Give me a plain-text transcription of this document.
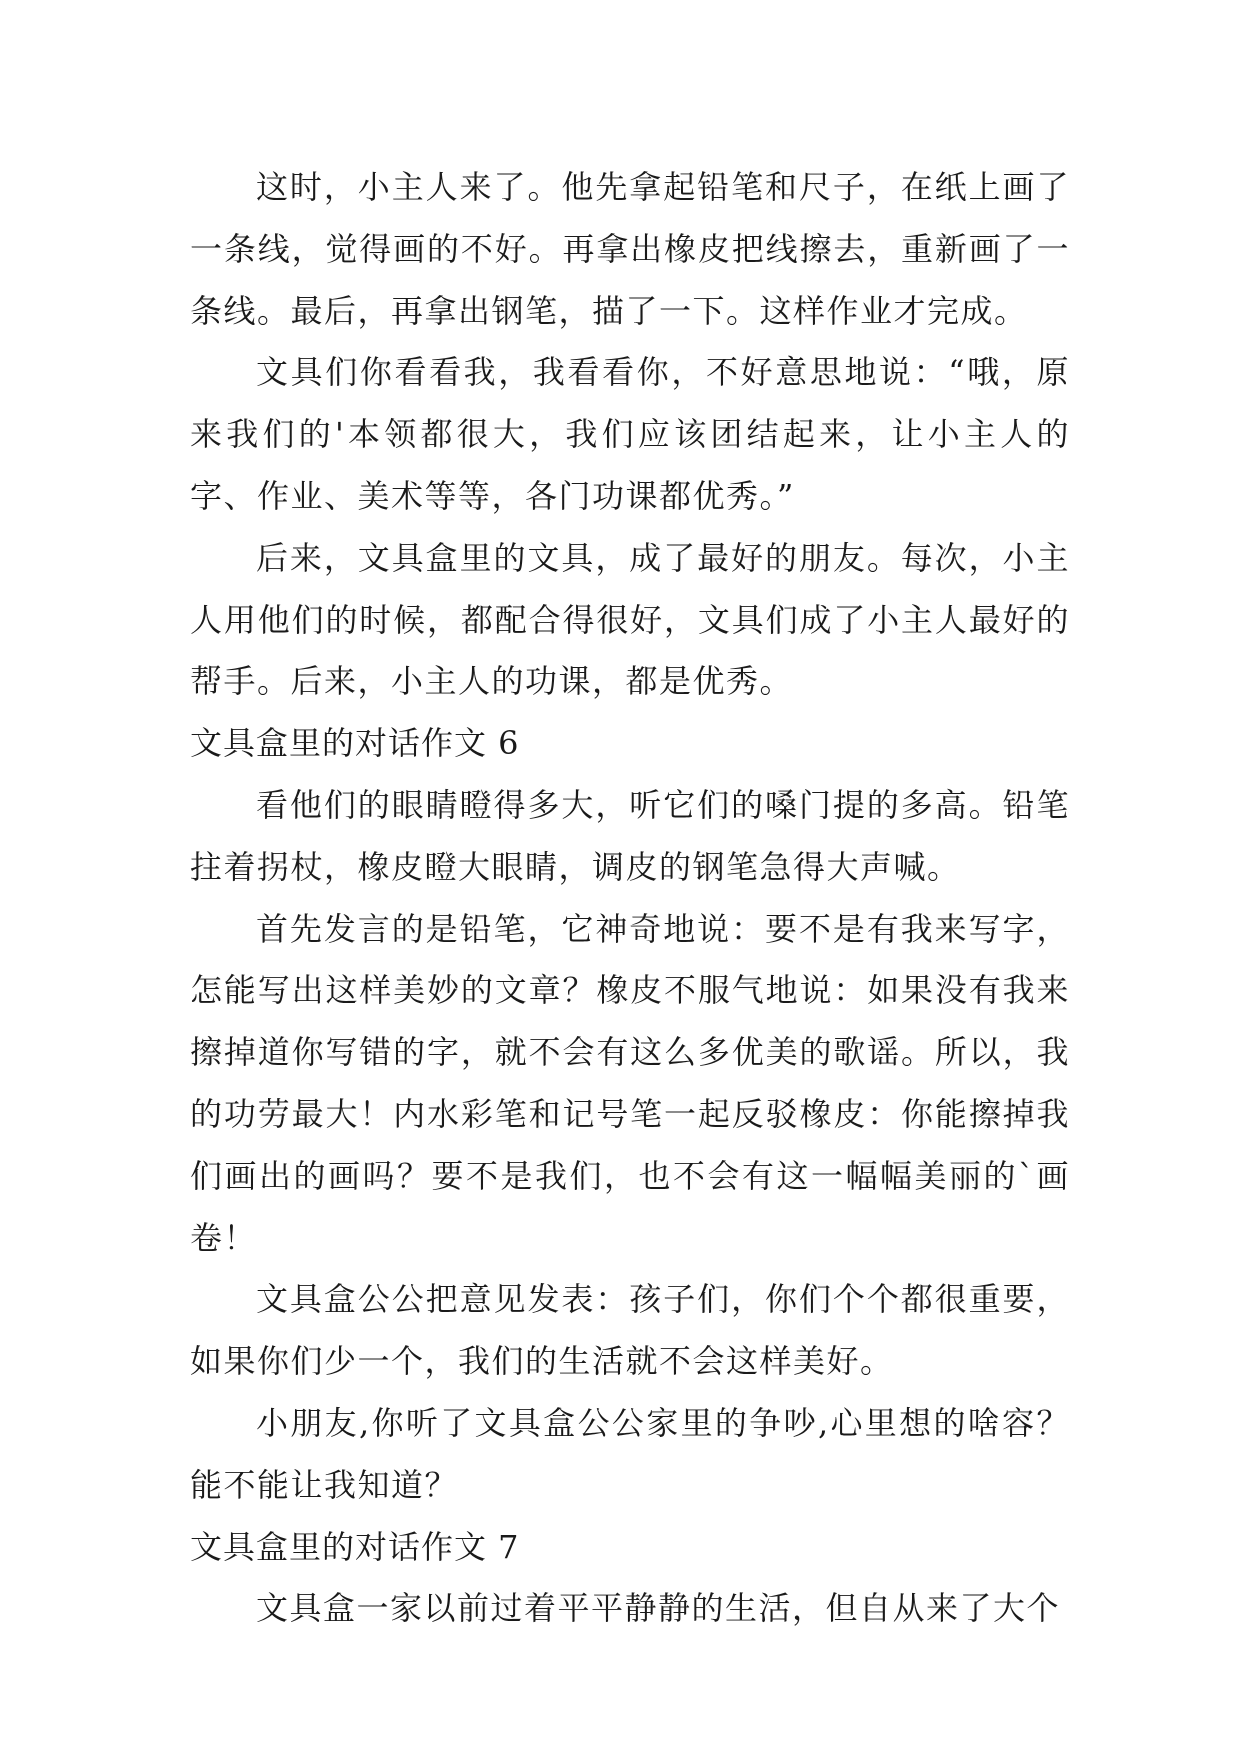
这时，小主人来了。他先拿起铅笔和尺子，在纸上画了一条线，觉得画的不好。再拿出橡皮把线擦去，重新画了一条线。最后，再拿出钢笔，描了一下。这样作业才完成。

文具们你看看我，我看看你，不好意思地说：“哦，原来我们的'本领都很大，我们应该团结起来，让小主人的字、作业、美术等等，各门功课都优秀。”

后来，文具盒里的文具，成了最好的朋友。每次，小主人用他们的时候，都配合得很好，文具们成了小主人最好的帮手。后来，小主人的功课，都是优秀。

文具盒里的对话作文 6

看他们的眼睛瞪得多大，听它们的嗓门提的多高。铅笔拄着拐杖，橡皮瞪大眼睛，调皮的钢笔急得大声喊。

首先发言的是铅笔，它神奇地说：要不是有我来写字，怎能写出这样美妙的文章？橡皮不服气地说：如果没有我来擦掉道你写错的字，就不会有这么多优美的歌谣。所以，我的功劳最大！内水彩笔和记号笔一起反驳橡皮：你能擦掉我们画出的画吗？要不是我们，也不会有这一幅幅美丽的`画卷！

文具盒公公把意见发表：孩子们，你们个个都很重要，如果你们少一个，我们的生活就不会这样美好。

小朋友,你听了文具盒公公家里的争吵,心里想的啥容？能不能让我知道？

文具盒里的对话作文 7

文具盒一家以前过着平平静静的生活，但自从来了大个
